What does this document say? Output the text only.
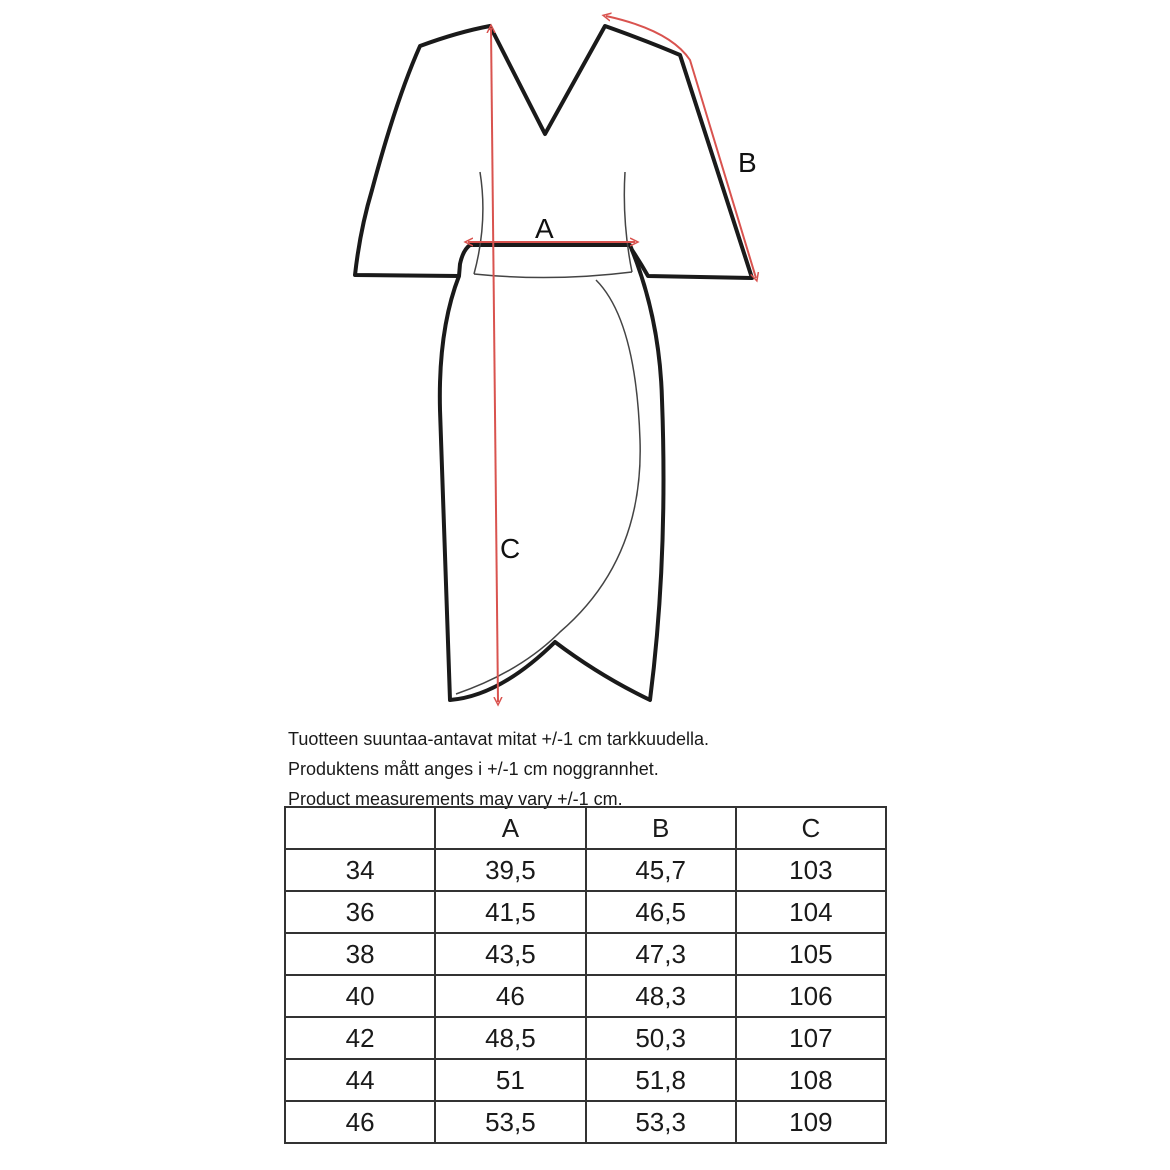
A
B
C
Tuotteen suuntaa-antavat mitat +/-1 cm tarkkuudella.
Produktens mått anges i +/-1 cm noggrannhet.
Product measurements may vary +/-1 cm.
	A	B	C
34	39,5	45,7	103
36	41,5	46,5	104
38	43,5	47,3	105
40	46	48,3	106
42	48,5	50,3	107
44	51	51,8	108
46	53,5	53,3	109
